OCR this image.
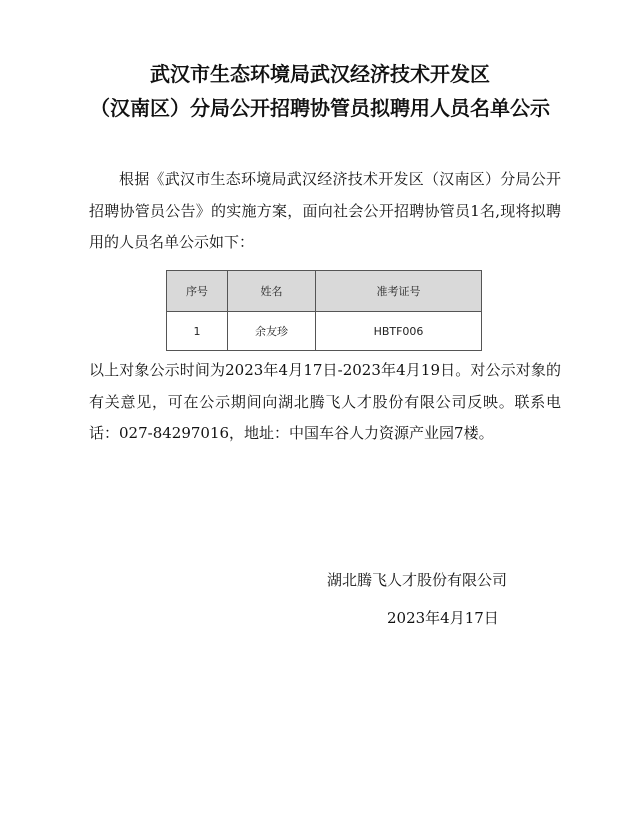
武汉市生态环境局武汉经济技术开发区
（汉南区）分局公开招聘协管员拟聘用人员名单公示

根据《武汉市生态环境局武汉经济技术开发区（汉南区）分局公开招聘协管员公告》的实施方案，面向社会公开招聘协管员1名,现将拟聘用的人员名单公示如下：

序号	姓名	准考证号
1	余友珍	HBTF006

以上对象公示时间为2023年4月17日-2023年4月19日。对公示对象的有关意见，可在公示期间向湖北腾飞人才股份有限公司反映。联系电话：027-84297016，地址：中国车谷人力资源产业园7楼。

湖北腾飞人才股份有限公司

2023年4月17日
